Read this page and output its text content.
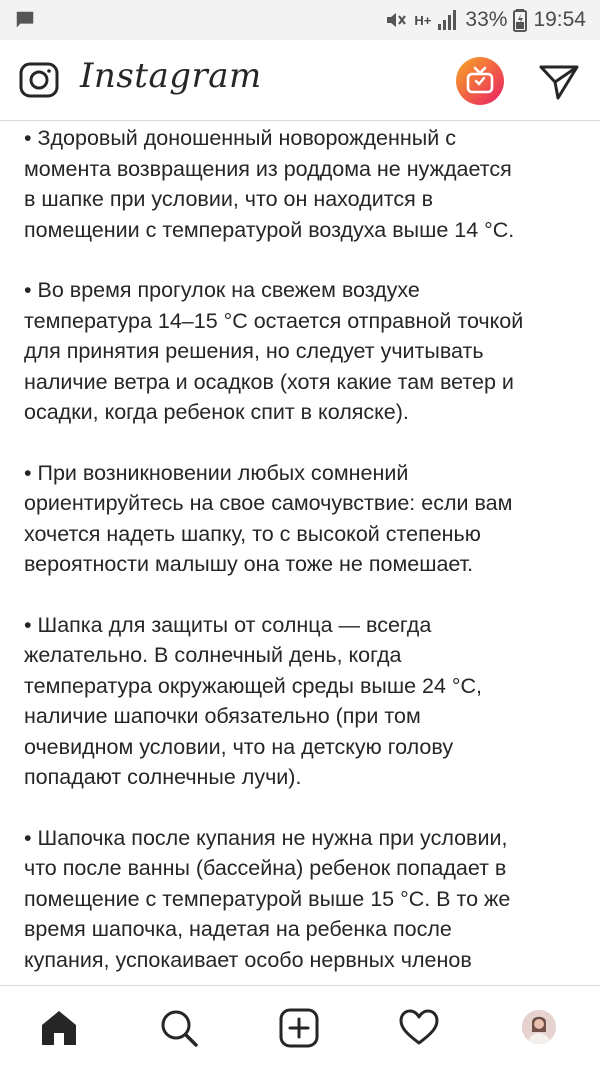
H+ 33% 19:54
Instagram

• Здоровый доношенный новорожденный с
момента возвращения из роддома не нуждается
в шапке при условии, что он находится в
помещении с температурой воздуха выше 14 °С.

• Во время прогулок на свежем воздухе
температура 14–15 °С остается отправной точкой
для принятия решения, но следует учитывать
наличие ветра и осадков (хотя какие там ветер и
осадки, когда ребенок спит в коляске).

• При возникновении любых сомнений
ориентируйтесь на свое самочувствие: если вам
хочется надеть шапку, то с высокой степенью
вероятности малышу она тоже не помешает.

• Шапка для защиты от солнца — всегда
желательно. В солнечный день, когда
температура окружающей среды выше 24 °С,
наличие шапочки обязательно (при том
очевидном условии, что на детскую голову
попадают солнечные лучи).

• Шапочка после купания не нужна при условии,
что после ванны (бассейна) ребенок попадает в
помещение с температурой выше 15 °С. В то же
время шапочка, надетая на ребенка после
купания, успокаивает особо нервных членов
